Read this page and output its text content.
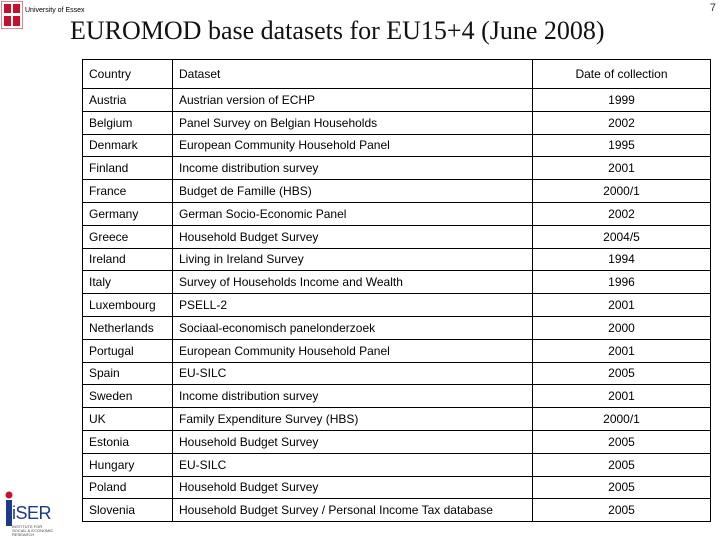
University of Essex
EUROMOD base datasets for EU15+4 (June 2008)
7
Country	Dataset	Date of collection
Austria	Austrian version of ECHP	1999
Belgium	Panel Survey on Belgian Households	2002
Denmark	European Community Household Panel	1995
Finland	Income distribution survey	2001
France	Budget de Famille (HBS)	2000/1
Germany	German Socio-Economic Panel	2002
Greece	Household Budget Survey	2004/5
Ireland	Living in Ireland Survey	1994
Italy	Survey of Households Income and Wealth	1996
Luxembourg	PSELL-2	2001
Netherlands	Sociaal-economisch panelonderzoek	2000
Portugal	European Community Household Panel	2001
Spain	EU-SILC	2005
Sweden	Income distribution survey	2001
UK	Family Expenditure Survey (HBS)	2000/1
Estonia	Household Budget Survey	2005
Hungary	EU-SILC	2005
Poland	Household Budget Survey	2005
Slovenia	Household Budget Survey / Personal Income Tax database	2005
iSER
INSTITUTE FOR SOCIAL & ECONOMIC RESEARCH
